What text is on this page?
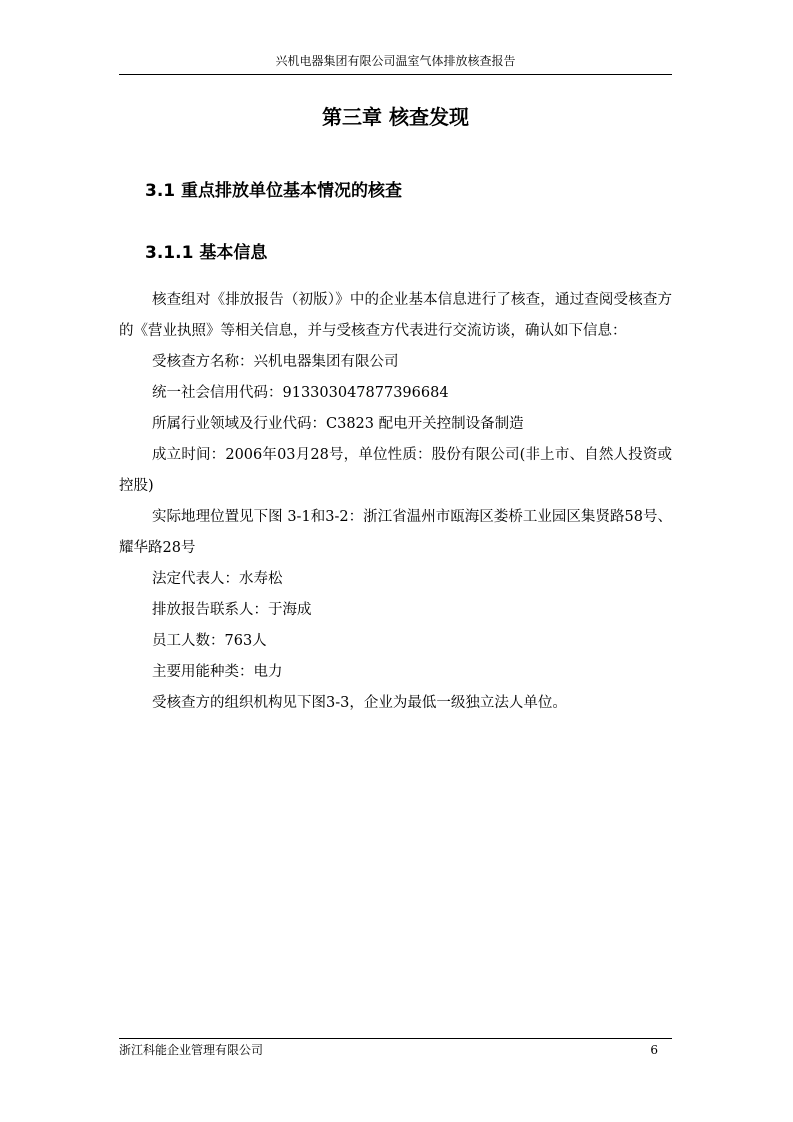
兴机电器集团有限公司温室气体排放核查报告
第三章 核查发现
3.1 重点排放单位基本情况的核查
3.1.1 基本信息

核查组对《排放报告（初版）》中的企业基本信息进行了核查，通过查阅受核查方的《营业执照》等相关信息，并与受核查方代表进行交流访谈，确认如下信息：

受核查方名称：兴机电器集团有限公司

统一社会信用代码：913303047877396684

所属行业领域及行业代码：C3823 配电开关控制设备制造

成立时间：2006年03月28号，单位性质：股份有限公司(非上市、自然人投资或控股)

实际地理位置见下图 3-1和3-2：浙江省温州市瓯海区娄桥工业园区集贤路58号、耀华路28号

法定代表人：水寿松

排放报告联系人：于海成

员工人数：763人

主要用能种类：电力

受核查方的组织机构见下图3-3，企业为最低一级独立法人单位。

浙江科能企业管理有限公司	6
